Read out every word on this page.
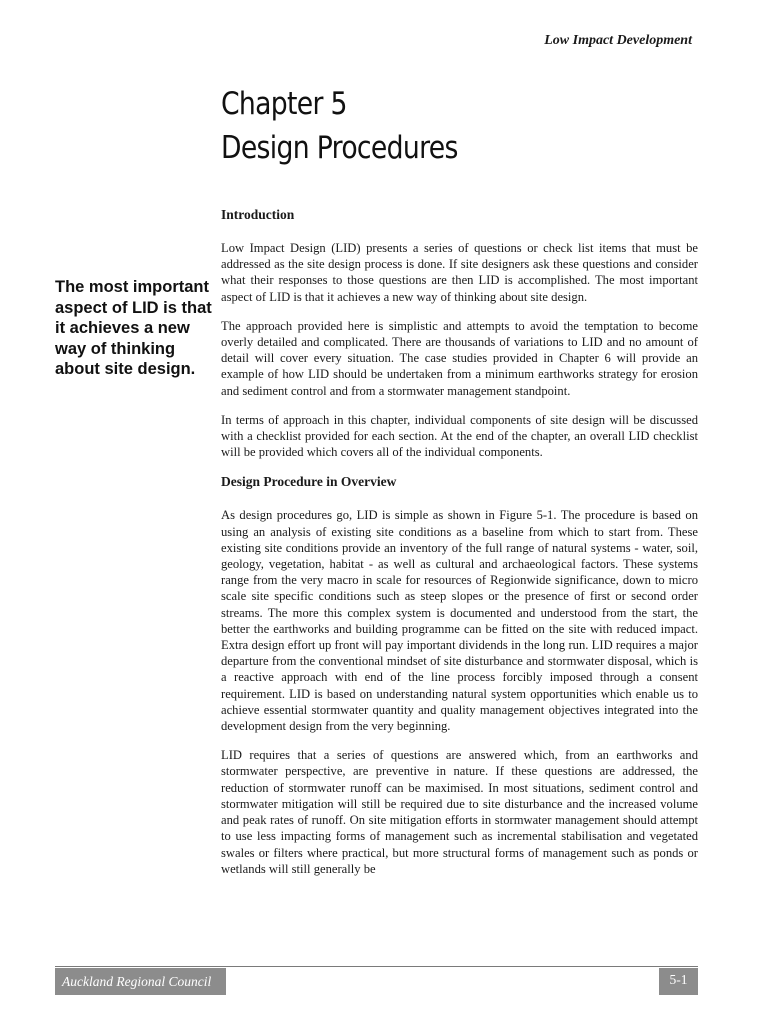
Low Impact Development
Chapter 5
Design Procedures
The most important aspect of LID is that it achieves a new way of thinking about site design.
Introduction

Low Impact Design (LID) presents a series of questions or check list items that must be addressed as the site design process is done. If site designers ask these questions and consider what their responses to those questions are then LID is accomplished. The most important aspect of LID is that it achieves a new way of thinking about site design.

The approach provided here is simplistic and attempts to avoid the temptation to become overly detailed and complicated. There are thousands of variations to LID and no amount of detail will cover every situation. The case studies provided in Chapter 6 will provide an example of how LID should be undertaken from a minimum earthworks strategy for erosion and sediment control and from a stormwater management standpoint.

In terms of approach in this chapter, individual components of site design will be discussed with a checklist provided for each section. At the end of the chapter, an overall LID checklist will be provided which covers all of the individual components.

Design Procedure in Overview

As design procedures go, LID is simple as shown in Figure 5-1. The procedure is based on using an analysis of existing site conditions as a baseline from which to start from. These existing site conditions provide an inventory of the full range of natural systems - water, soil, geology, vegetation, habitat - as well as cultural and archaeological factors. These systems range from the very macro in scale for resources of Regionwide significance, down to micro scale site specific conditions such as steep slopes or the presence of first or second order streams. The more this complex system is documented and understood from the start, the better the earthworks and building programme can be fitted on the site with reduced impact. Extra design effort up front will pay important dividends in the long run. LID requires a major departure from the conventional mindset of site disturbance and stormwater disposal, which is a reactive approach with end of the line process forcibly imposed through a consent requirement. LID is based on understanding natural system opportunities which enable us to achieve essential stormwater quantity and quality management objectives integrated into the development design from the very beginning.

LID requires that a series of questions are answered which, from an earthworks and stormwater perspective, are preventive in nature. If these questions are addressed, the reduction of stormwater runoff can be maximised. In most situations, sediment control and stormwater mitigation will still be required due to site disturbance and the increased volume and peak rates of runoff. On site mitigation efforts in stormwater management should attempt to use less impacting forms of management such as incremental stabilisation and vegetated swales or filters where practical, but more structural forms of management such as ponds or wetlands will still generally be

Auckland Regional Council	5-1
